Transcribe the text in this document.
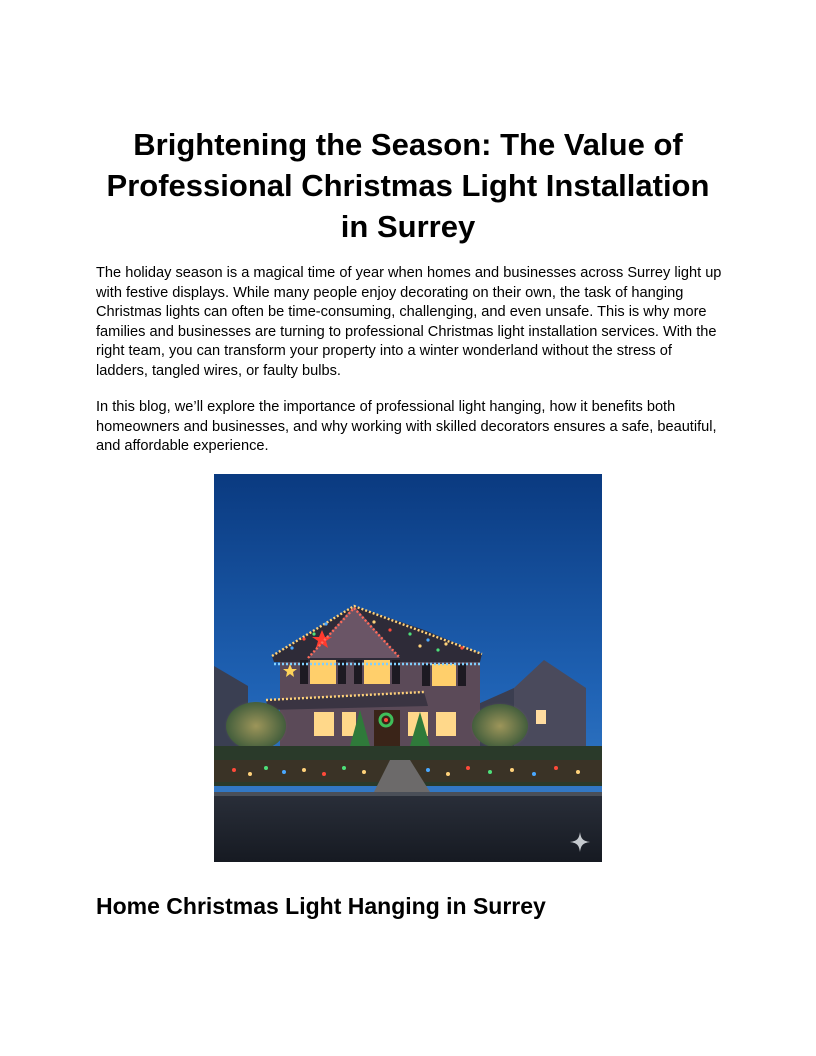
Brightening the Season: The Value of Professional Christmas Light Installation in Surrey

The holiday season is a magical time of year when homes and businesses across Surrey light up with festive displays. While many people enjoy decorating on their own, the task of hanging Christmas lights can often be time-consuming, challenging, and even unsafe. This is why more families and businesses are turning to professional Christmas light installation services. With the right team, you can transform your property into a winter wonderland without the stress of ladders, tangled wires, or faulty bulbs.

In this blog, we’ll explore the importance of professional light hanging, how it benefits both homeowners and businesses, and why working with skilled decorators ensures a safe, beautiful, and affordable experience.

Home Christmas Light Hanging in Surrey
